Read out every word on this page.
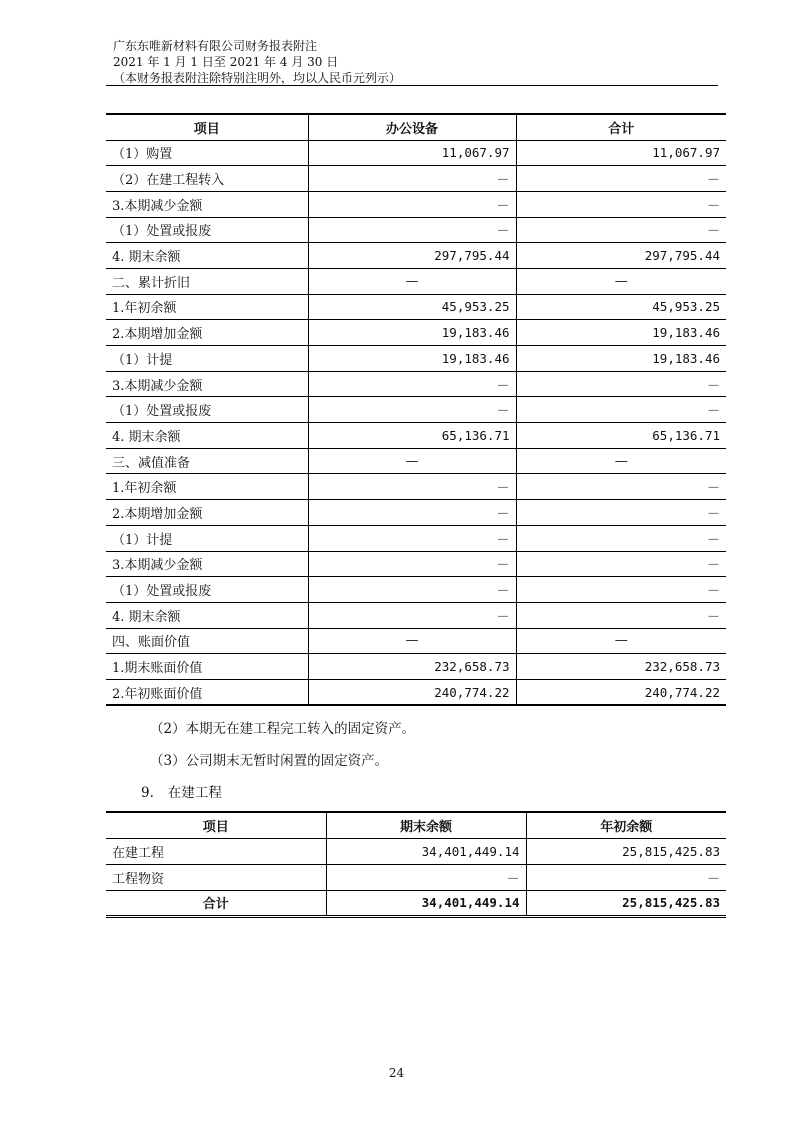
广东东唯新材料有限公司财务报表附注
2021 年 1 月 1 日至 2021 年 4 月 30 日
（本财务报表附注除特别注明外，均以人民币元列示）
项目	办公设备	合计
（1）购置	11,067.97	11,067.97
（2）在建工程转入	－	－
3.本期减少金额	－	－
（1）处置或报废	－	－
4. 期末余额	297,795.44	297,795.44
二、累计折旧	—	—
1.年初余额	45,953.25	45,953.25
2.本期增加金额	19,183.46	19,183.46
（1）计提	19,183.46	19,183.46
3.本期减少金额	－	－
（1）处置或报废	－	－
4. 期末余额	65,136.71	65,136.71
三、减值准备	—	—
1.年初余额	－	－
2.本期增加金额	－	－
（1）计提	－	－
3.本期减少金额	－	－
（1）处置或报废	－	－
4. 期末余额	－	－
四、账面价值	—	—
1.期末账面价值	232,658.73	232,658.73
2.年初账面价值	240,774.22	240,774.22

（2）本期无在建工程完工转入的固定资产。

（3）公司期末无暂时闲置的固定资产。

9. 在建工程
项目	期末余额	年初余额
在建工程	34,401,449.14	25,815,425.83
工程物资	－	－
合计	34,401,449.14	25,815,425.83
24
